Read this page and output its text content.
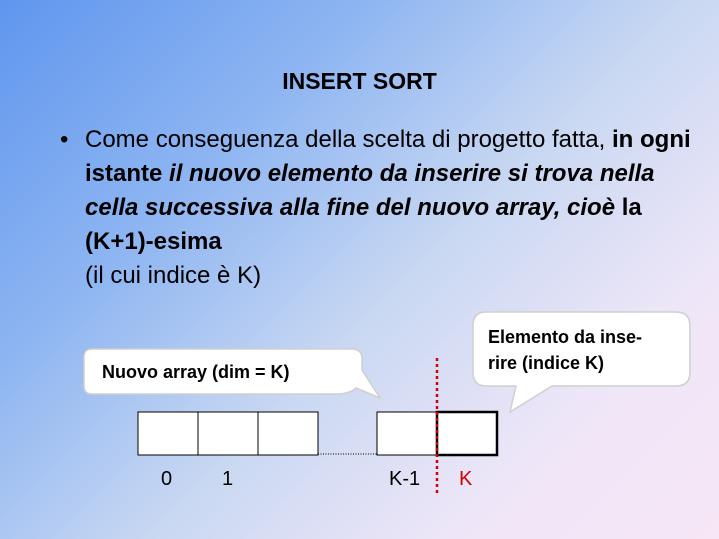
INSERT SORT
• Come conseguenza della scelta di progetto fatta, in ogni istante il nuovo elemento da inserire si trova nella cella successiva alla fine del nuovo array, cioè la (K+1)-esima
(il cui indice è K)
Nuovo array (dim = K)
Elemento da inse-
rire (indice K)
0 1	K-1 K
